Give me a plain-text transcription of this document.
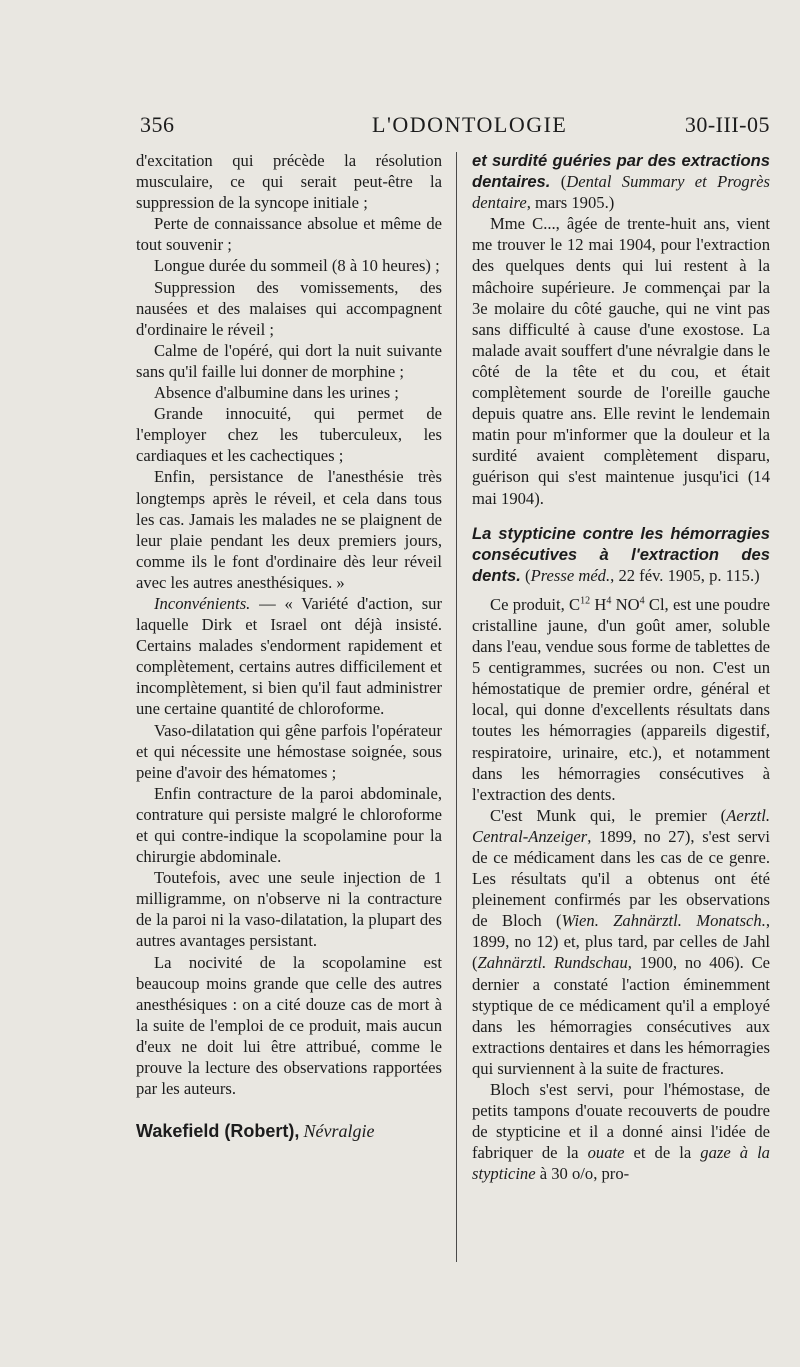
356	L'ODONTOLOGIE	30-III-05

d'excitation qui précède la résolution musculaire, ce qui serait peut-être la suppression de la syncope initiale ;

Perte de connaissance absolue et même de tout souvenir ;

Longue durée du sommeil (8 à 10 heures) ;

Suppression des vomissements, des nausées et des malaises qui accompagnent d'ordinaire le réveil ;

Calme de l'opéré, qui dort la nuit suivante sans qu'il faille lui donner de morphine ;

Absence d'albumine dans les urines ;

Grande innocuité, qui permet de l'employer chez les tuberculeux, les cardiaques et les cachectiques ;

Enfin, persistance de l'anesthésie très longtemps après le réveil, et cela dans tous les cas. Jamais les malades ne se plaignent de leur plaie pendant les deux premiers jours, comme ils le font d'ordinaire dès leur réveil avec les autres anesthésiques. »

Inconvénients. — « Variété d'action, sur laquelle Dirk et Israel ont déjà insisté. Certains malades s'endorment rapidement et complètement, certains autres difficilement et incomplètement, si bien qu'il faut administrer une certaine quantité de chloroforme.

Vaso-dilatation qui gêne parfois l'opérateur et qui nécessite une hémostase soignée, sous peine d'avoir des hématomes ;

Enfin contracture de la paroi abdominale, contrature qui persiste malgré le chloroforme et qui contre-indique la scopolamine pour la chirurgie abdominale.

Toutefois, avec une seule injection de 1 milligramme, on n'observe ni la contracture de la paroi ni la vaso-dilatation, la plupart des autres avantages persistant.

La nocivité de la scopolamine est beaucoup moins grande que celle des autres anesthésiques : on a cité douze cas de mort à la suite de l'emploi de ce produit, mais aucun d'eux ne doit lui être attribué, comme le prouve la lecture des observations rapportées par les auteurs.

Wakefield (Robert), Névralgie

et surdité guéries par des extractions dentaires. (Dental Summary et Progrès dentaire, mars 1905.)

Mme C..., âgée de trente-huit ans, vient me trouver le 12 mai 1904, pour l'extraction des quelques dents qui lui restent à la mâchoire supérieure. Je commençai par la 3e molaire du côté gauche, qui ne vint pas sans difficulté à cause d'une exostose. La malade avait souffert d'une névralgie dans le côté de la tête et du cou, et était complètement sourde de l'oreille gauche depuis quatre ans. Elle revint le lendemain matin pour m'informer que la douleur et la surdité avaient complètement disparu, guérison qui s'est maintenue jusqu'ici (14 mai 1904).

La stypticine contre les hémorragies consécutives à l'extraction des dents. (Presse méd., 22 fév. 1905, p. 115.)

Ce produit, $C^{12}$ $H^4$ $NO^4$ Cl, est une poudre cristalline jaune, d'un goût amer, soluble dans l'eau, vendue sous forme de tablettes de 5 centigrammes, sucrées ou non. C'est un hémostatique de premier ordre, général et local, qui donne d'excellents résultats dans toutes les hémorragies (appareils digestif, respiratoire, urinaire, etc.), et notamment dans les hémorragies consécutives à l'extraction des dents.

C'est Munk qui, le premier (Aerztl. Central-Anzeiger, 1899, no 27), s'est servi de ce médicament dans les cas de ce genre. Les résultats qu'il a obtenus ont été pleinement confirmés par les observations de Bloch (Wien. Zahnärztl. Monatsch., 1899, no 12) et, plus tard, par celles de Jahl (Zahnärztl. Rundschau, 1900, no 406). Ce dernier a constaté l'action éminemment styptique de ce médicament qu'il a employé dans les hémorragies consécutives aux extractions dentaires et dans les hémorragies qui surviennent à la suite de fractures.

Bloch s'est servi, pour l'hémostase, de petits tampons d'ouate recouverts de poudre de stypticine et il a donné ainsi l'idée de fabriquer de la ouate et de la gaze à la stypticine à 30 o/o, pro-
